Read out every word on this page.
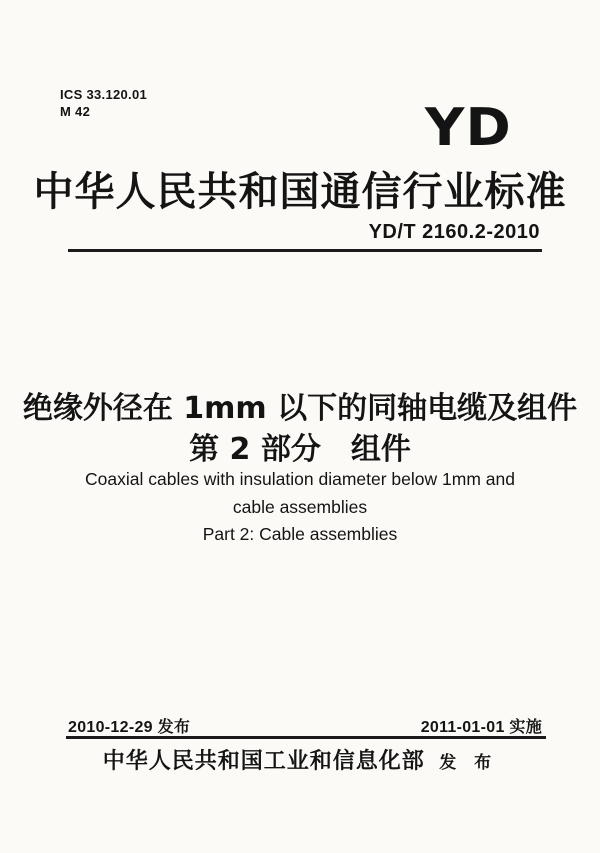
ICS 33.120.01
M 42	YD
中华人民共和国通信行业标准
YD/T 2160.2-2010
绝缘外径在 1mm 以下的同轴电缆及组件
第 2 部分　组件
Coaxial cables with insulation diameter below 1mm and
cable assemblies
Part 2: Cable assemblies
2010-12-29 发布	2011-01-01 实施
中华人民共和国工业和信息化部 发 布
